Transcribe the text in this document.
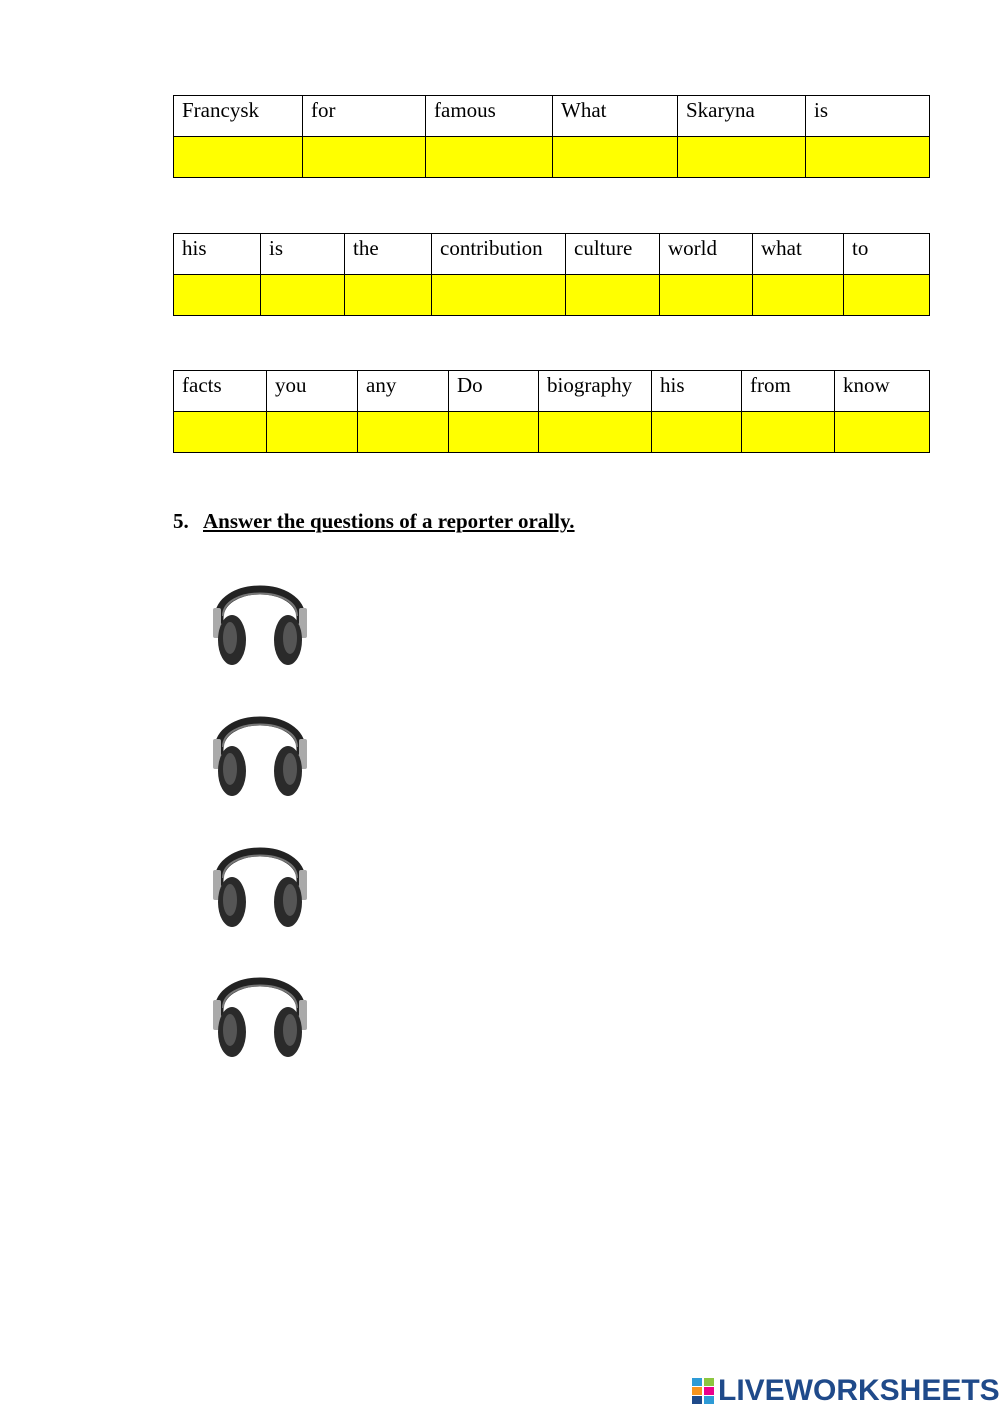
Francysk	for	famous	What	Skaryna	is

his	is	the	contribution	culture	world	what	to

facts	you	any	Do	biography	his	from	know

5. Answer the questions of a reporter orally.
LIVEWORKSHEETS
